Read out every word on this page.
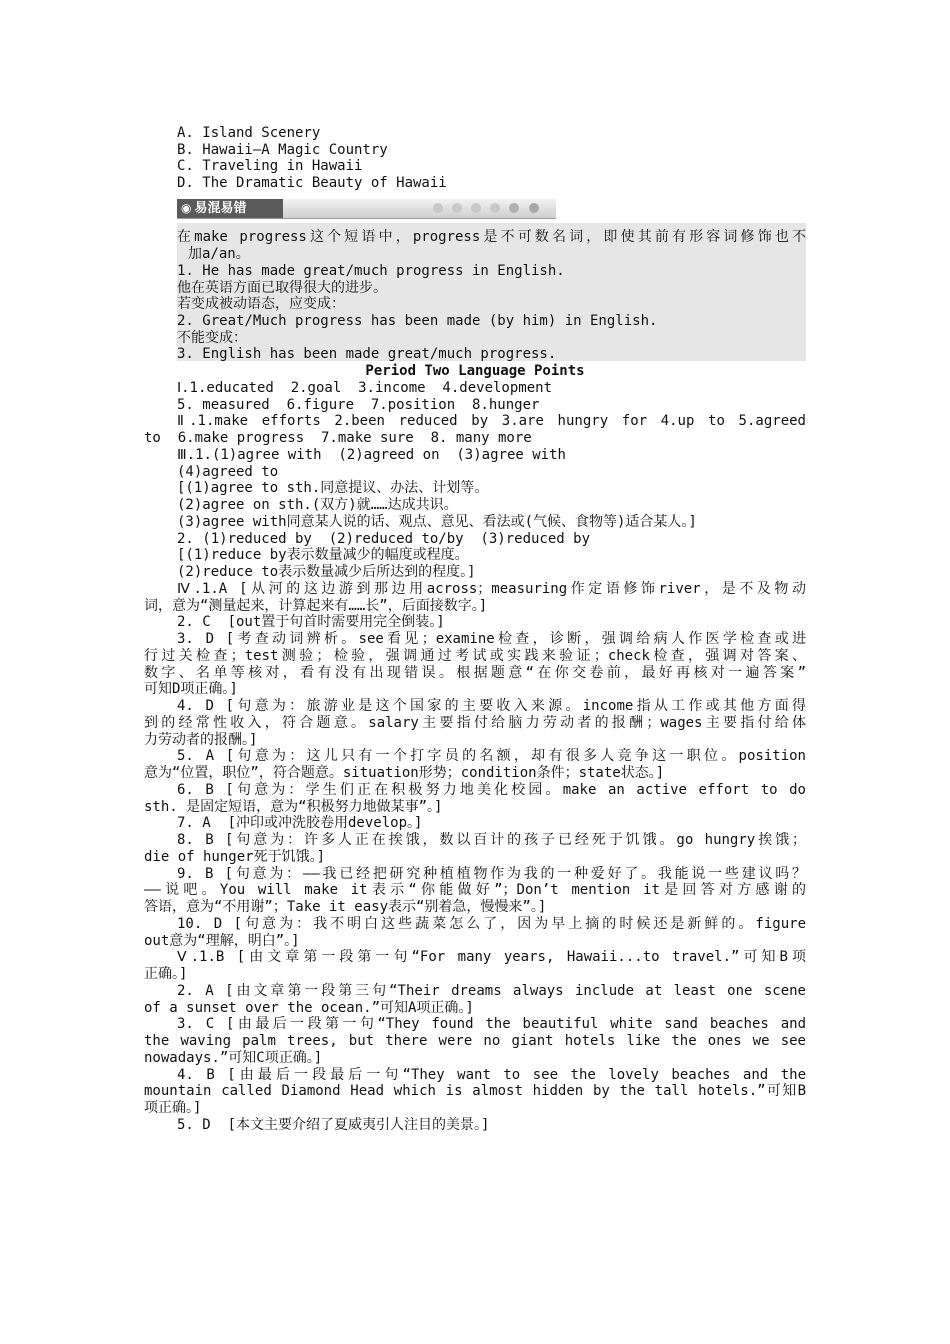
A. Island Scenery
B. Hawaii—A Magic Country
C. Traveling in Hawaii
D. The Dramatic Beauty of Hawaii
◉ 易混易错
在make progress这个短语中，progress是不可数名词，即使其前有形容词修饰也不
加a/an。
1. He has made great/much progress in English.
他在英语方面已取得很大的进步。
若变成被动语态，应变成：
2. Great/Much progress has been made (by him) in English.
不能变成：
3. English has been made great/much progress.
Period Two Language Points
Ⅰ.1.educated  2.goal  3.income  4.development
5. measured  6.figure  7.position  8.hunger
Ⅱ.1.make efforts 2.been reduced by 3.are hungry for 4.up to 5.agreed
to  6.make progress  7.make sure  8. many more
Ⅲ.1.(1)agree with  (2)agreed on  (3)agree with
(4)agreed to
[(1)agree to sth.同意提议、办法、计划等。
(2)agree on sth.(双方)就……达成共识。
(3)agree with同意某人说的话、观点、意见、看法或(气候、食物等)适合某人。]
2. (1)reduced by  (2)reduced to/by  (3)reduced by
[(1)reduce by表示数量减少的幅度或程度。
(2)reduce to表示数量减少后所达到的程度。]
Ⅳ.1.A [从河的这边游到那边用across；measuring作定语修饰river，是不及物动
词，意为“测量起来，计算起来有……长”，后面接数字。]
2. C  [out置于句首时需要用完全倒装。]
3. D [考查动词辨析。see看见；examine检查，诊断，强调给病人作医学检查或进
行过关检查；test测验；检验，强调通过考试或实践来验证；check检查，强调对答案、
数字、名单等核对，看有没有出现错误。根据题意“在你交卷前，最好再核对一遍答案”
可知D项正确。]
4. D [句意为：旅游业是这个国家的主要收入来源。income指从工作或其他方面得
到的经常性收入，符合题意。salary主要指付给脑力劳动者的报酬；wages主要指付给体
力劳动者的报酬。]
5. A [句意为：这儿只有一个打字员的名额，却有很多人竞争这一职位。position
意为“位置，职位”，符合题意。situation形势；condition条件；state状态。]
6. B [句意为：学生们正在积极努力地美化校园。make an active effort to do
sth. 是固定短语，意为“积极努力地做某事”。]
7. A  [冲印或冲洗胶卷用develop。]
8. B [句意为：许多人正在挨饿，数以百计的孩子已经死于饥饿。go hungry挨饿；
die of hunger死于饥饿。]
9. B [句意为：——我已经把研究种植植物作为我的一种爱好了。我能说一些建议吗？
——说吧。You will make it表示“你能做好”；Don’t mention it是回答对方感谢的
答语，意为“不用谢”；Take it easy表示“别着急，慢慢来”。]
10. D [句意为：我不明白这些蔬菜怎么了，因为早上摘的时候还是新鲜的。figure
out意为“理解，明白”。]
Ⅴ.1.B [由文章第一段第一句“For many years, Hawaii...to travel.”可知B项
正确。]
2. A [由文章第一段第三句“Their dreams always include at least one scene
of a sunset over the ocean.”可知A项正确。]
3. C [由最后一段第一句“They found the beautiful white sand beaches and
the waving palm trees, but there were no giant hotels like the ones we see
nowadays.”可知C项正确。]
4. B [由最后一段最后一句“They want to see the lovely beaches and the
mountain called Diamond Head which is almost hidden by the tall hotels.”可知B
项正确。]
5. D  [本文主要介绍了夏威夷引人注目的美景。]
